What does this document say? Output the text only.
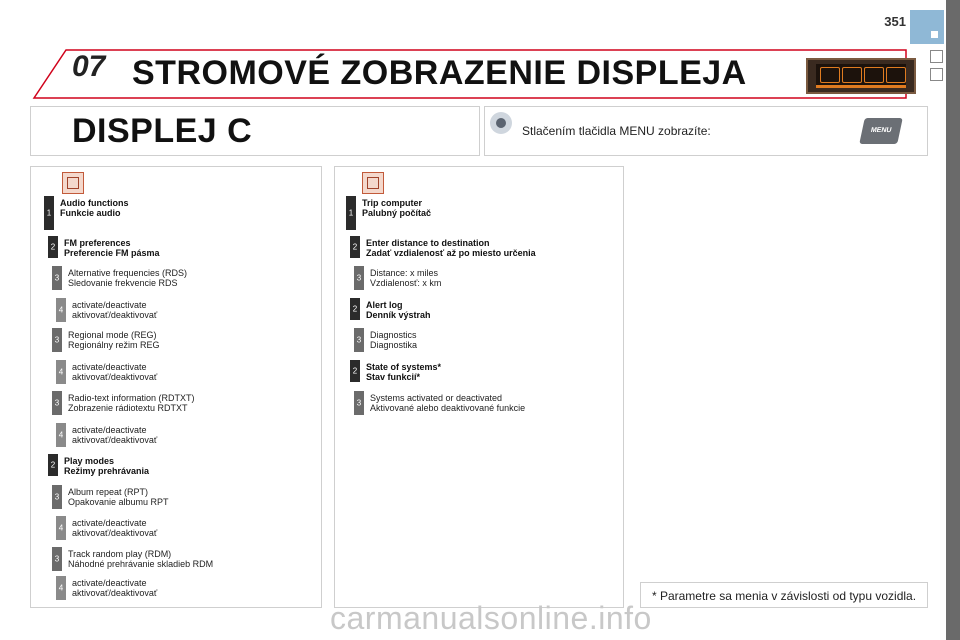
351
07 STROMOVÉ ZOBRAZENIE DISPLEJA
DISPLEJ C	Stlačením tlačidla MENU zobrazíte:	MENU
1
Audio functions
Funkcie audio
2 FM preferences
Preferencie FM pásma
3 Alternative frequencies (RDS)
Sledovanie frekvencie RDS
4 activate/deactivate
aktivovať/deaktivovať
3 Regional mode (REG)
Regionálny režim REG
4 activate/deactivate
aktivovať/deaktivovať
3 Radio-text information (RDTXT)
Zobrazenie rádiotextu RDTXT
4 activate/deactivate
aktivovať/deaktivovať
2 Play modes
Režimy prehrávania
3 Album repeat (RPT)
Opakovanie albumu RPT
4 activate/deactivate
aktivovať/deaktivovať
3 Track random play (RDM)
Náhodné prehrávanie skladieb RDM
4 activate/deactivate
aktivovať/deaktivovať
1
Trip computer
Palubný počítač
2 Enter distance to destination
Zadať vzdialenosť až po miesto určenia
3 Distance: x miles
Vzdialenosť: x km
2 Alert log
Denník výstrah
3 Diagnostics
Diagnostika
2 State of systems*
Stav funkcií*
3 Systems activated or deactivated
Aktivované alebo deaktivované funkcie
* Parametre sa menia v závislosti od typu vozidla.
carmanualsonline.info
